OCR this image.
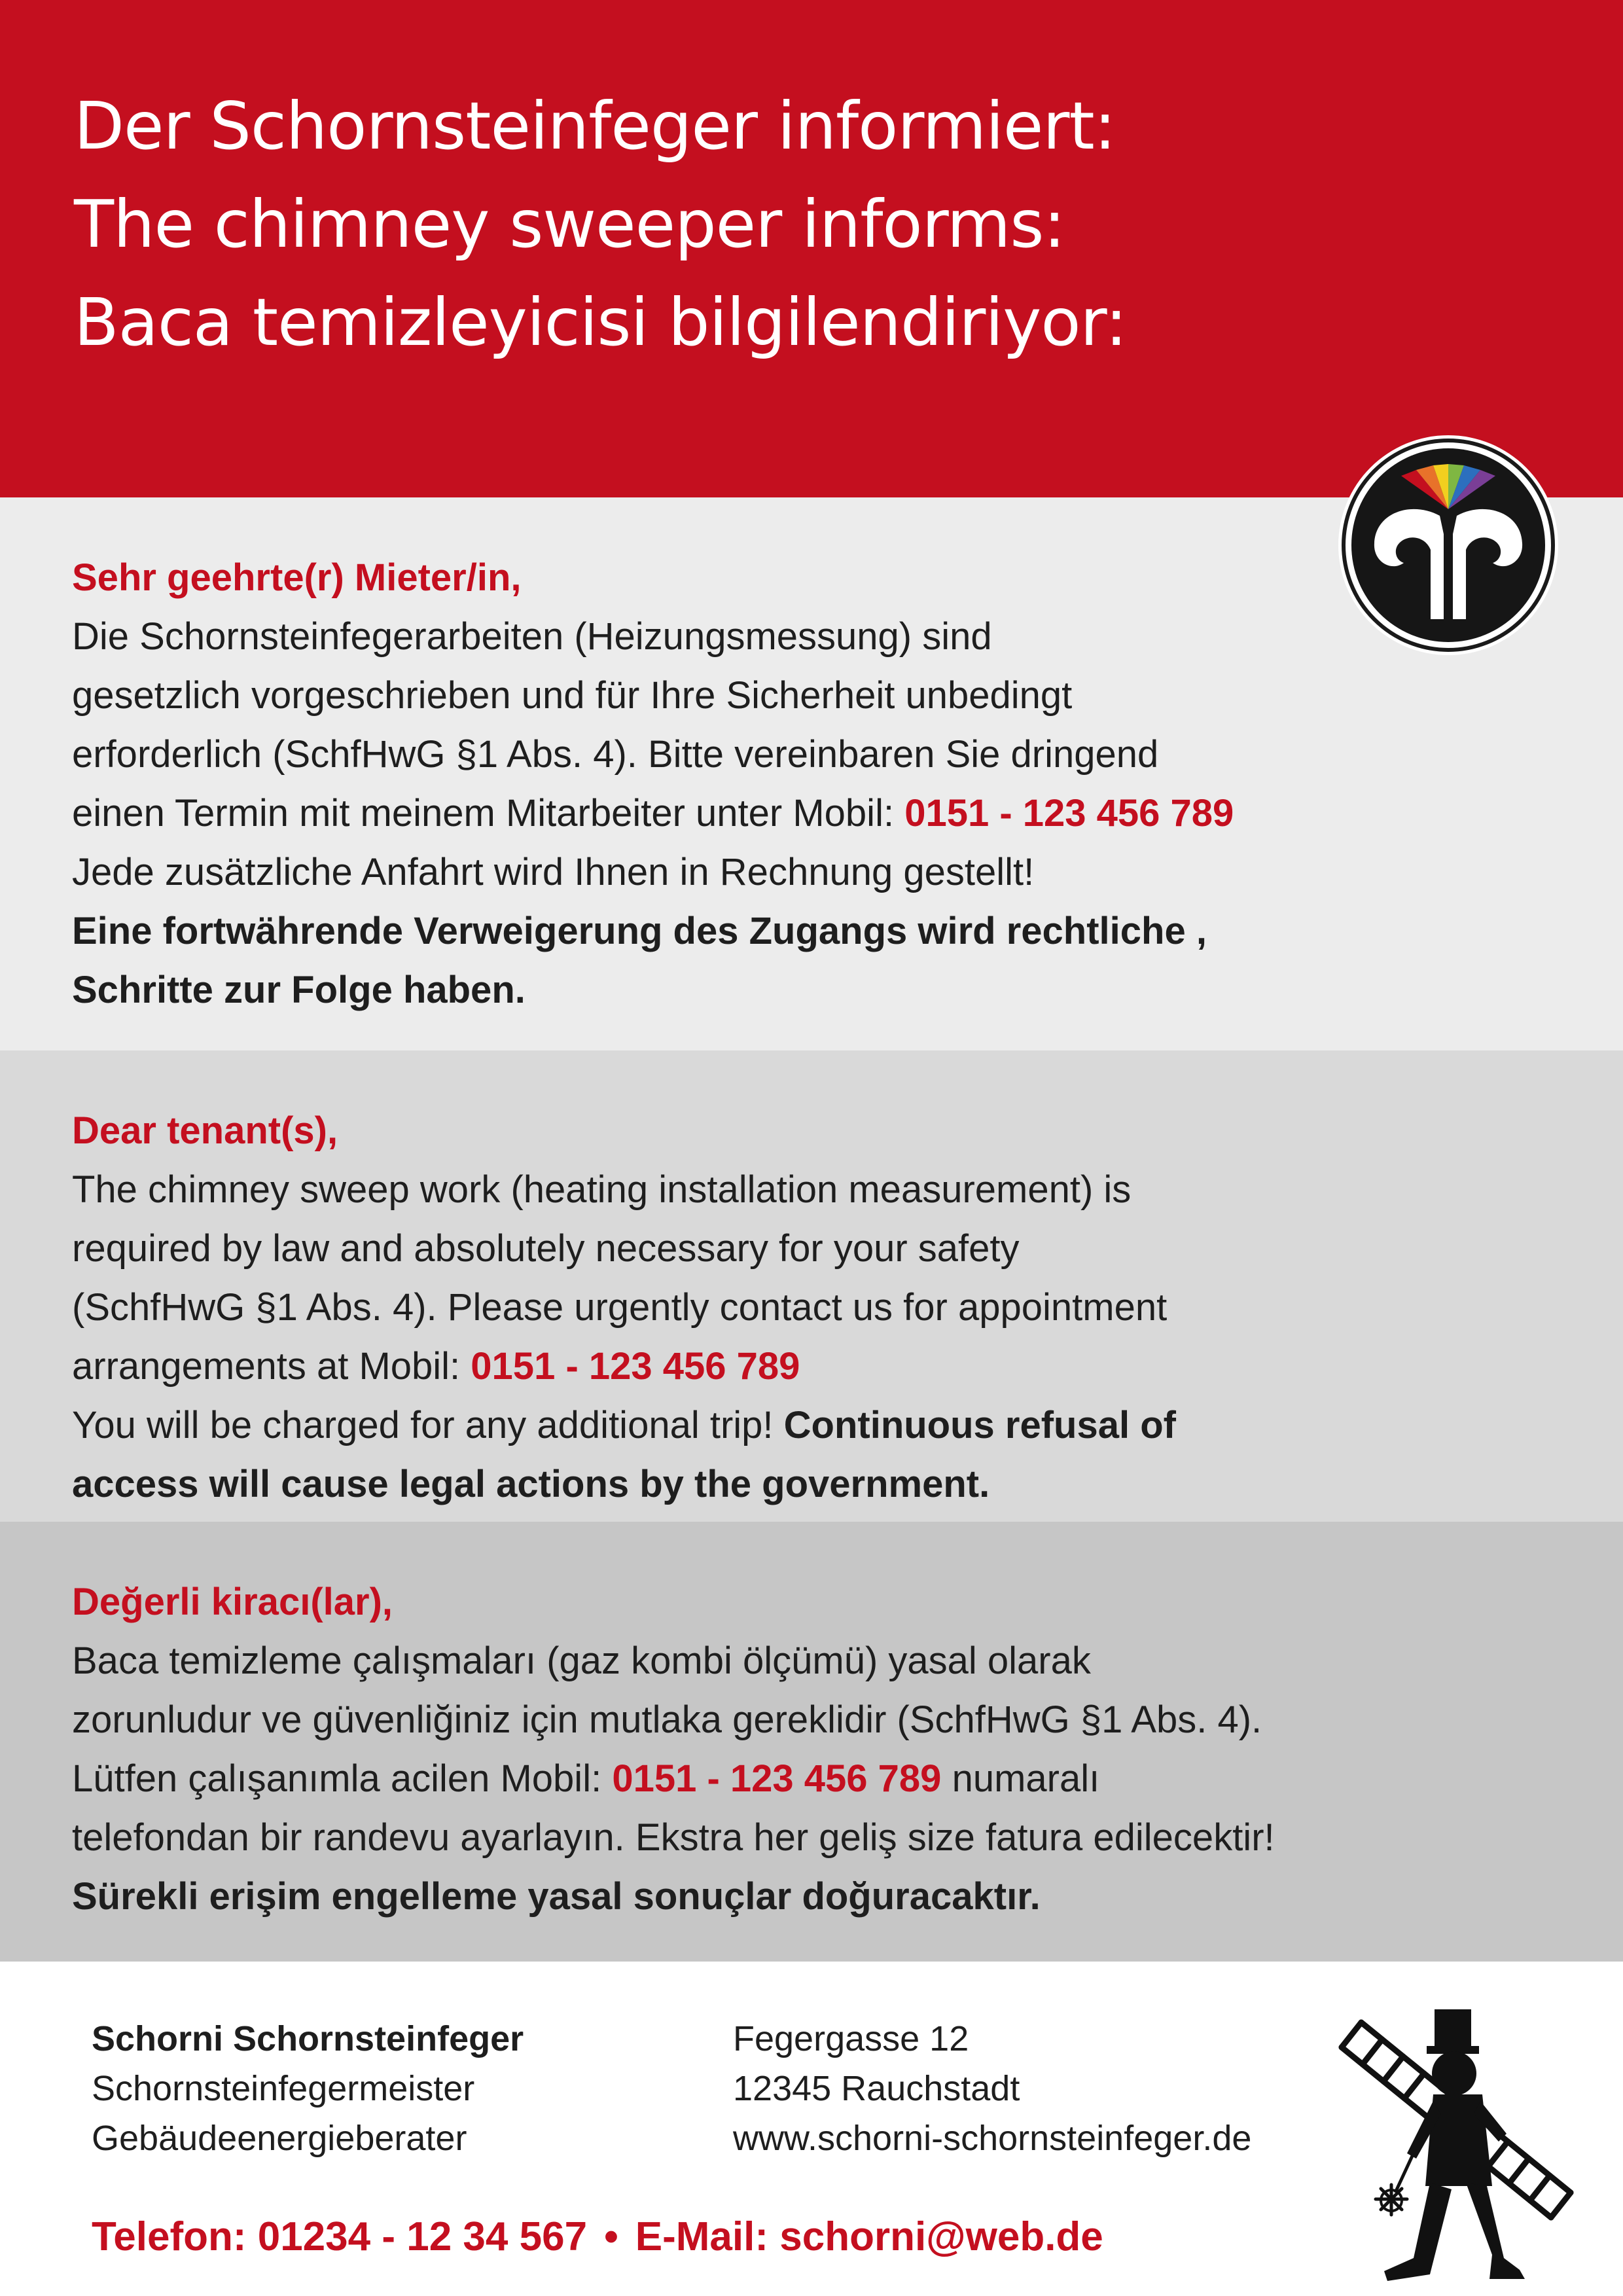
Der Schornsteinfeger informiert:
The chimney sweeper informs:
Baca temizleyicisi bilgilendiriyor:
Sehr geehrte(r) Mieter/in,
Die Schornsteinfegerarbeiten (Heizungsmessung) sind
gesetzlich vorgeschrieben und für Ihre Sicherheit unbedingt
erforderlich (SchfHwG §1 Abs. 4). Bitte vereinbaren Sie dringend
einen Termin mit meinem Mitarbeiter unter Mobil: 0151 - 123 456 789
Jede zusätzliche Anfahrt wird Ihnen in Rechnung gestellt!
Eine fortwährende Verweigerung des Zugangs wird rechtliche ,
Schritte zur Folge haben.
Dear tenant(s),
The chimney sweep work (heating installation measurement) is
required by law and absolutely necessary for your safety
(SchfHwG §1 Abs. 4). Please urgently contact us for appointment
arrangements at Mobil: 0151 - 123 456 789
You will be charged for any additional trip! Continuous refusal of
access will cause legal actions by the government.
Değerli kiracı(lar),
Baca temizleme çalışmaları (gaz kombi ölçümü) yasal olarak
zorunludur ve güvenliğiniz için mutlaka gereklidir (SchfHwG §1 Abs. 4).
Lütfen çalışanımla acilen Mobil: 0151 - 123 456 789 numaralı
telefondan bir randevu ayarlayın. Ekstra her geliş size fatura edilecektir!
Sürekli erişim engelleme yasal sonuçlar doğuracaktır.
Schorni Schornsteinfeger
Schornsteinfegermeister
Gebäudeenergieberater
Fegergasse 12
12345 Rauchstadt
www.schorni-schornsteinfeger.de
Telefon: 01234 - 12 34 567 • E-Mail: schorni@web.de
